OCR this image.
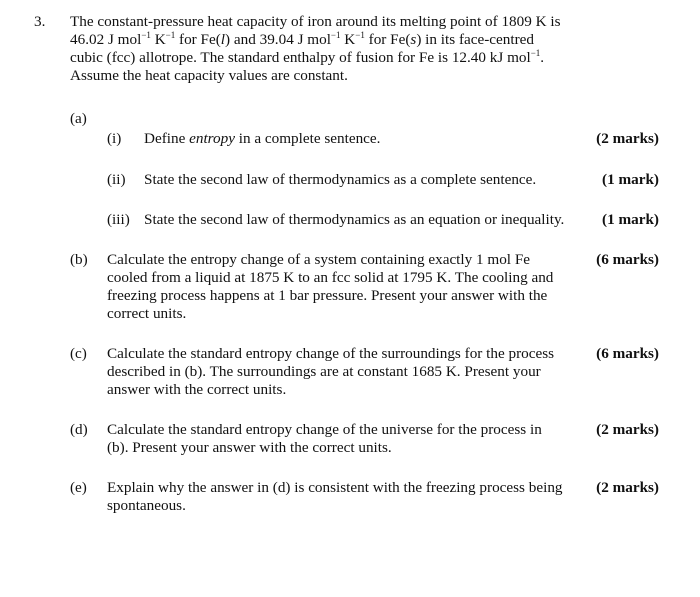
3. The constant-pressure heat capacity of iron around its melting point of 1809 K is
46.02 J mol$^{-1}$ $K^{-1}$ for Fe(l) and 39.04 J mol$^{-1}$ $K^{-1}$ for Fe(s) in its face-centred
cubic (fcc) allotrope. The standard enthalpy of fusion for Fe is 12.40 kJ mol$^{-1}$.
Assume the heat capacity values are constant.
(a)
(i) Define entropy in a complete sentence.	(2 marks)
(ii) State the second law of thermodynamics as a complete sentence.	(1 mark)
(iii) State the second law of thermodynamics as an equation or inequality. (1 mark)
(b) Calculate the entropy change of a system containing exactly 1 mol Fe
cooled from a liquid at 1875 K to an fcc solid at 1795 K. The cooling and
freezing process happens at 1 bar pressure. Present your answer with the
correct units.
(6 marks)
(c) Calculate the standard entropy change of the surroundings for the process
described in (b). The surroundings are at constant 1685 K. Present your
answer with the correct units.
(6 marks)
(d) Calculate the standard entropy change of the universe for the process in
(b). Present your answer with the correct units.
(2 marks)
(e) Explain why the answer in (d) is consistent with the freezing process being
spontaneous.
(2 marks)
